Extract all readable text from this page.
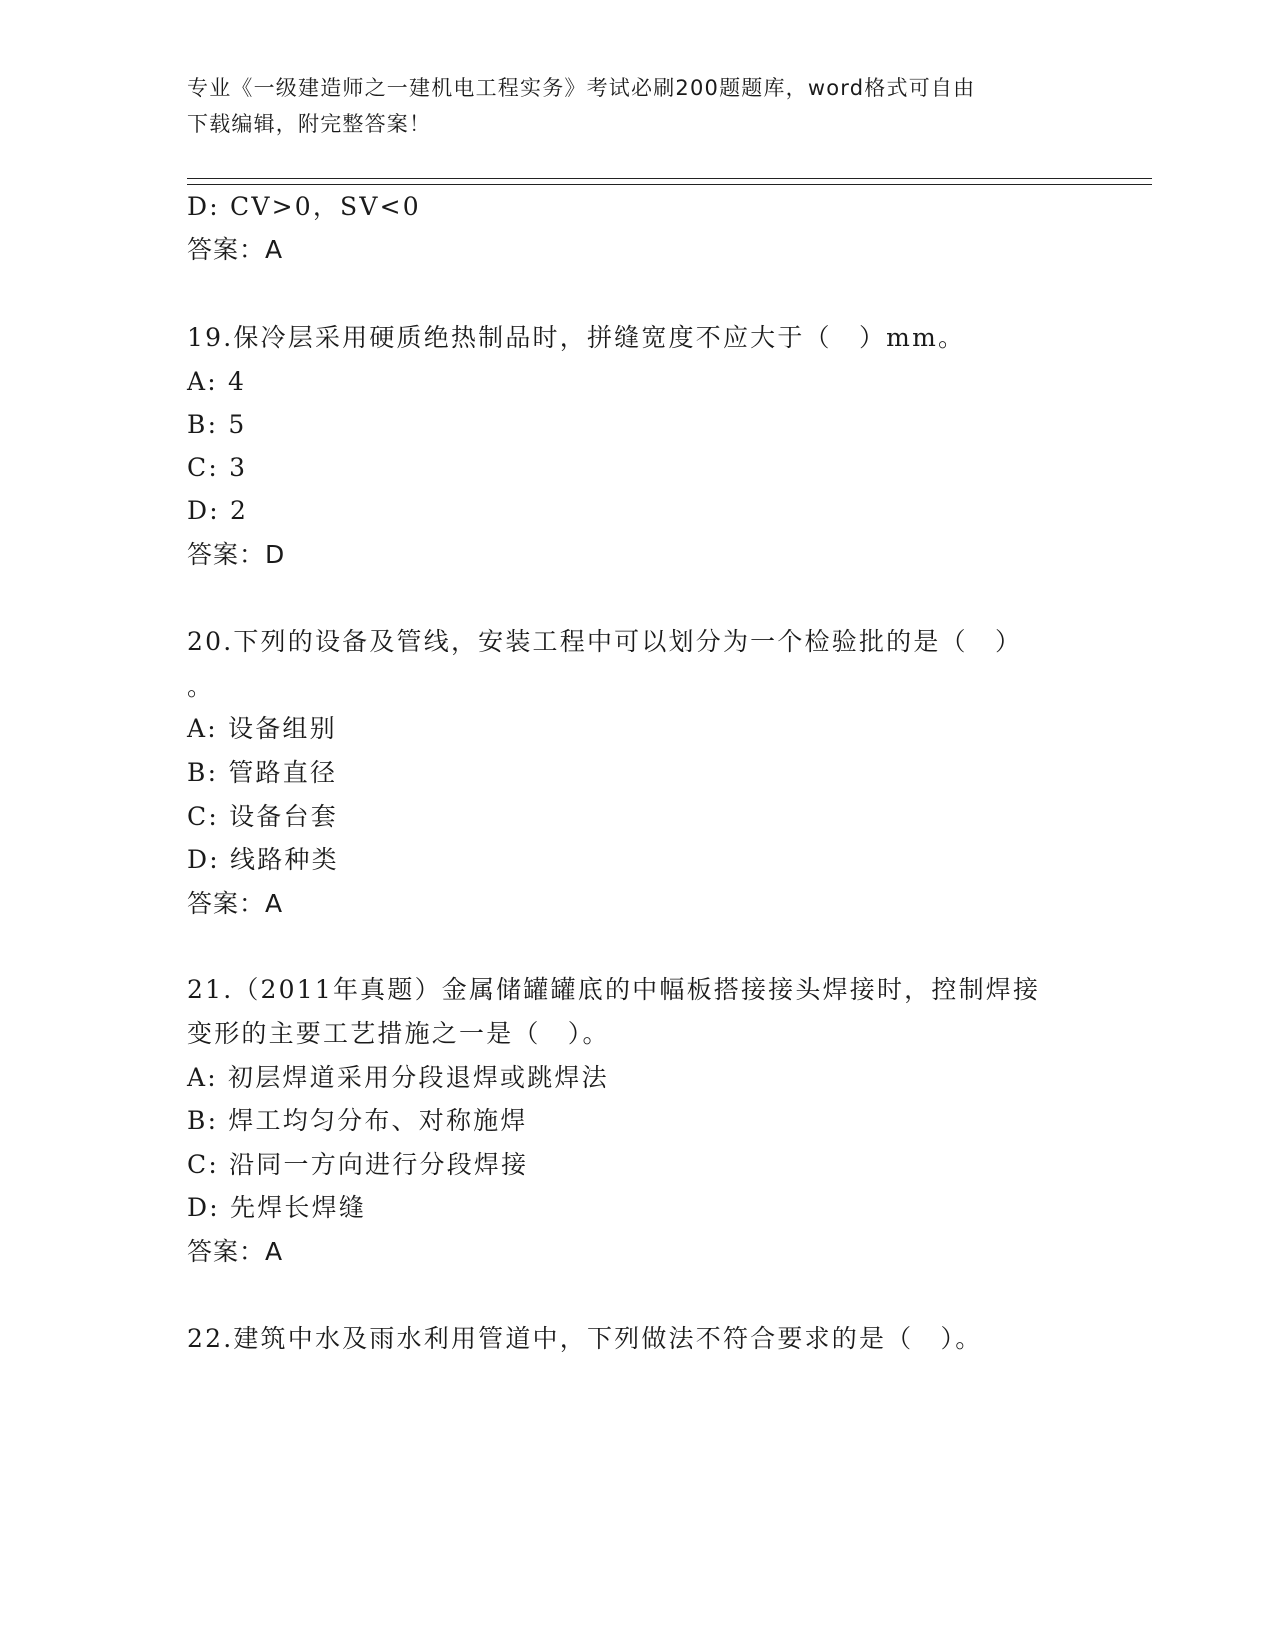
专业《一级建造师之一建机电工程实务》考试必刷200题题库，word格式可自由
下载编辑，附完整答案！
D: CV>0，SV<0
答案：A
19.保冷层采用硬质绝热制品时，拼缝宽度不应大于（　）mm。
A: 4
B: 5
C: 3
D: 2
答案：D
20.下列的设备及管线，安装工程中可以划分为一个检验批的是（　）
。
A: 设备组别
B: 管路直径
C: 设备台套
D: 线路种类
答案：A
21.（2011年真题）金属储罐罐底的中幅板搭接接头焊接时，控制焊接
变形的主要工艺措施之一是（　）。
A: 初层焊道采用分段退焊或跳焊法
B: 焊工均匀分布、对称施焊
C: 沿同一方向进行分段焊接
D: 先焊长焊缝
答案：A
22.建筑中水及雨水利用管道中，下列做法不符合要求的是（　）。
